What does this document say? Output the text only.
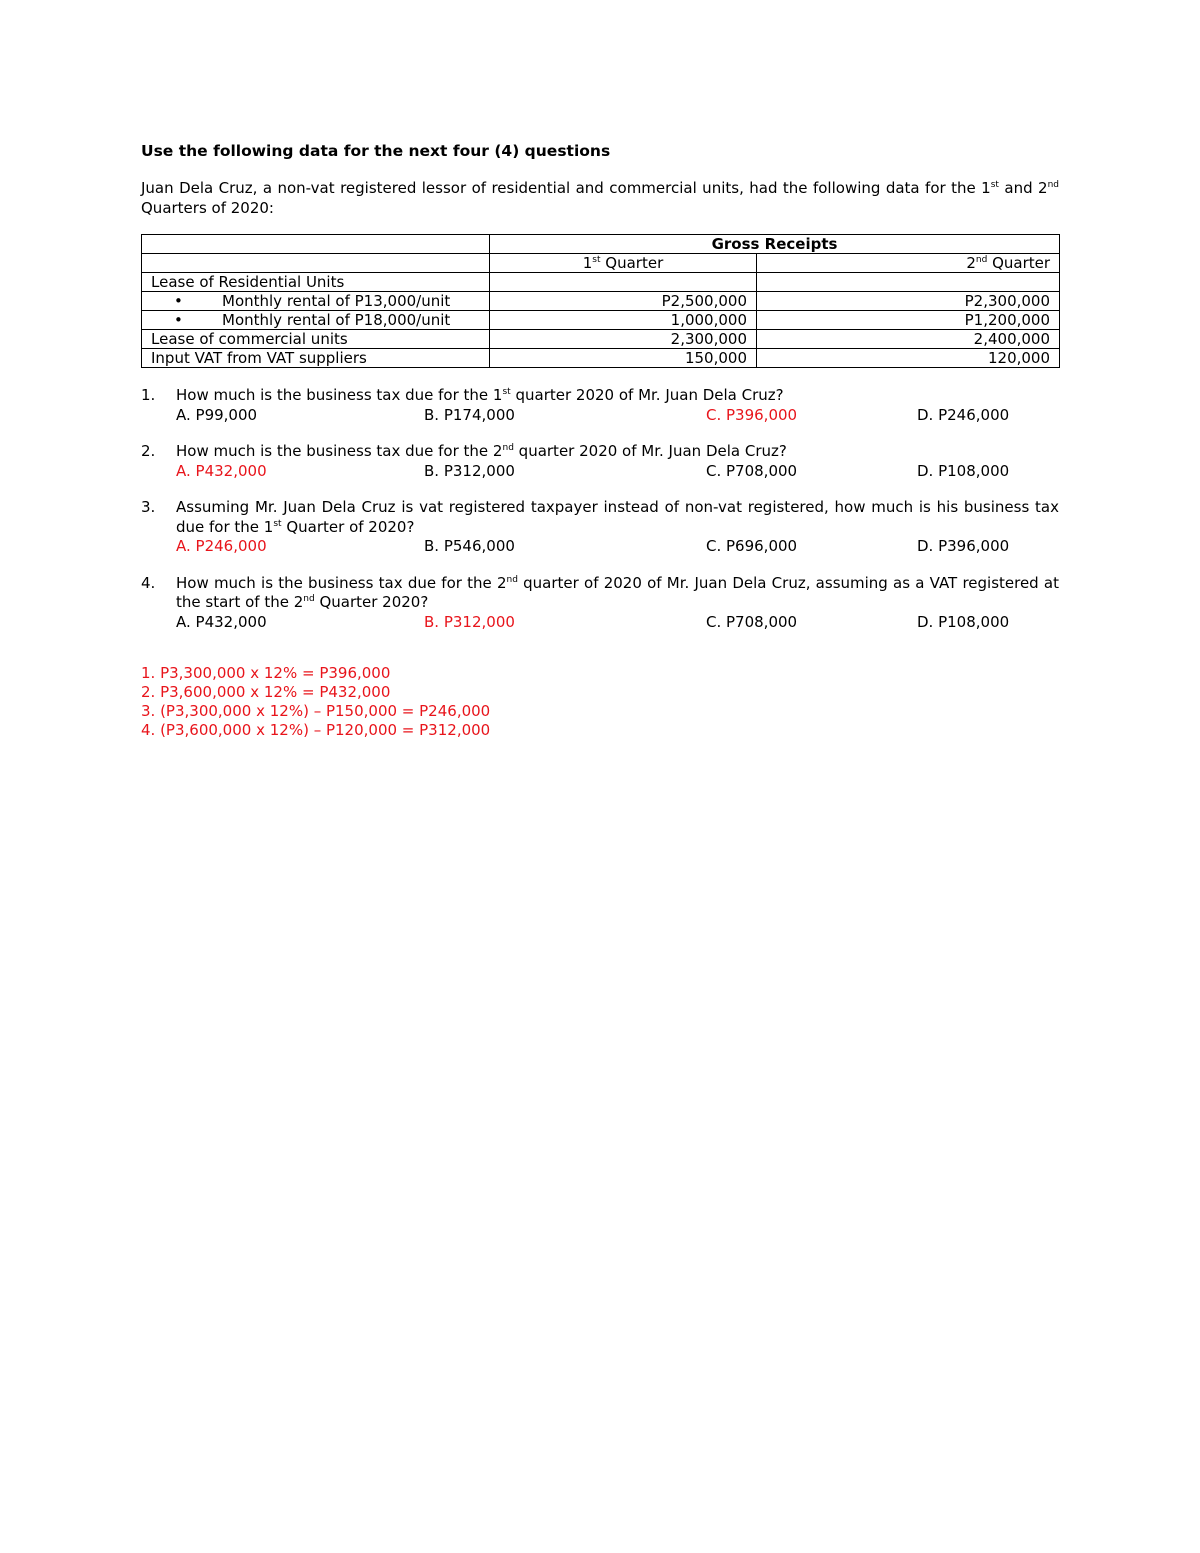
Use the following data for the next four (4) questions

Juan Dela Cruz, a non-vat registered lessor of residential and commercial units, had the following data for the 1st and 2nd Quarters of 2020:
	Gross Receipts	
	1st Quarter	2nd Quarter
Lease of Residential Units		
• Monthly rental of P13,000/unit	P2,500,000	P2,300,000
• Monthly rental of P18,000/unit	1,000,000	P1,200,000
Lease of commercial units	2,300,000	2,400,000
Input VAT from VAT suppliers	150,000	120,000
1. How much is the business tax due for the 1st quarter 2020 of Mr. Juan Dela Cruz?
A. P99,000	B. P174,000	C. P396,000	D. P246,000
2. How much is the business tax due for the 2nd quarter 2020 of Mr. Juan Dela Cruz?
A. P432,000	B. P312,000	C. P708,000	D. P108,000
3. Assuming Mr. Juan Dela Cruz is vat registered taxpayer instead of non-vat registered, how much is his business tax due for the 1st Quarter of 2020?
A. P246,000	B. P546,000	C. P696,000	D. P396,000
4. How much is the business tax due for the 2nd quarter of 2020 of Mr. Juan Dela Cruz, assuming as a VAT registered at the start of the 2nd Quarter 2020?
A. P432,000	B. P312,000	C. P708,000	D. P108,000
1. P3,300,000 x 12% = P396,000
2. P3,600,000 x 12% = P432,000
3. (P3,300,000 x 12%) – P150,000 = P246,000
4. (P3,600,000 x 12%) – P120,000 = P312,000
